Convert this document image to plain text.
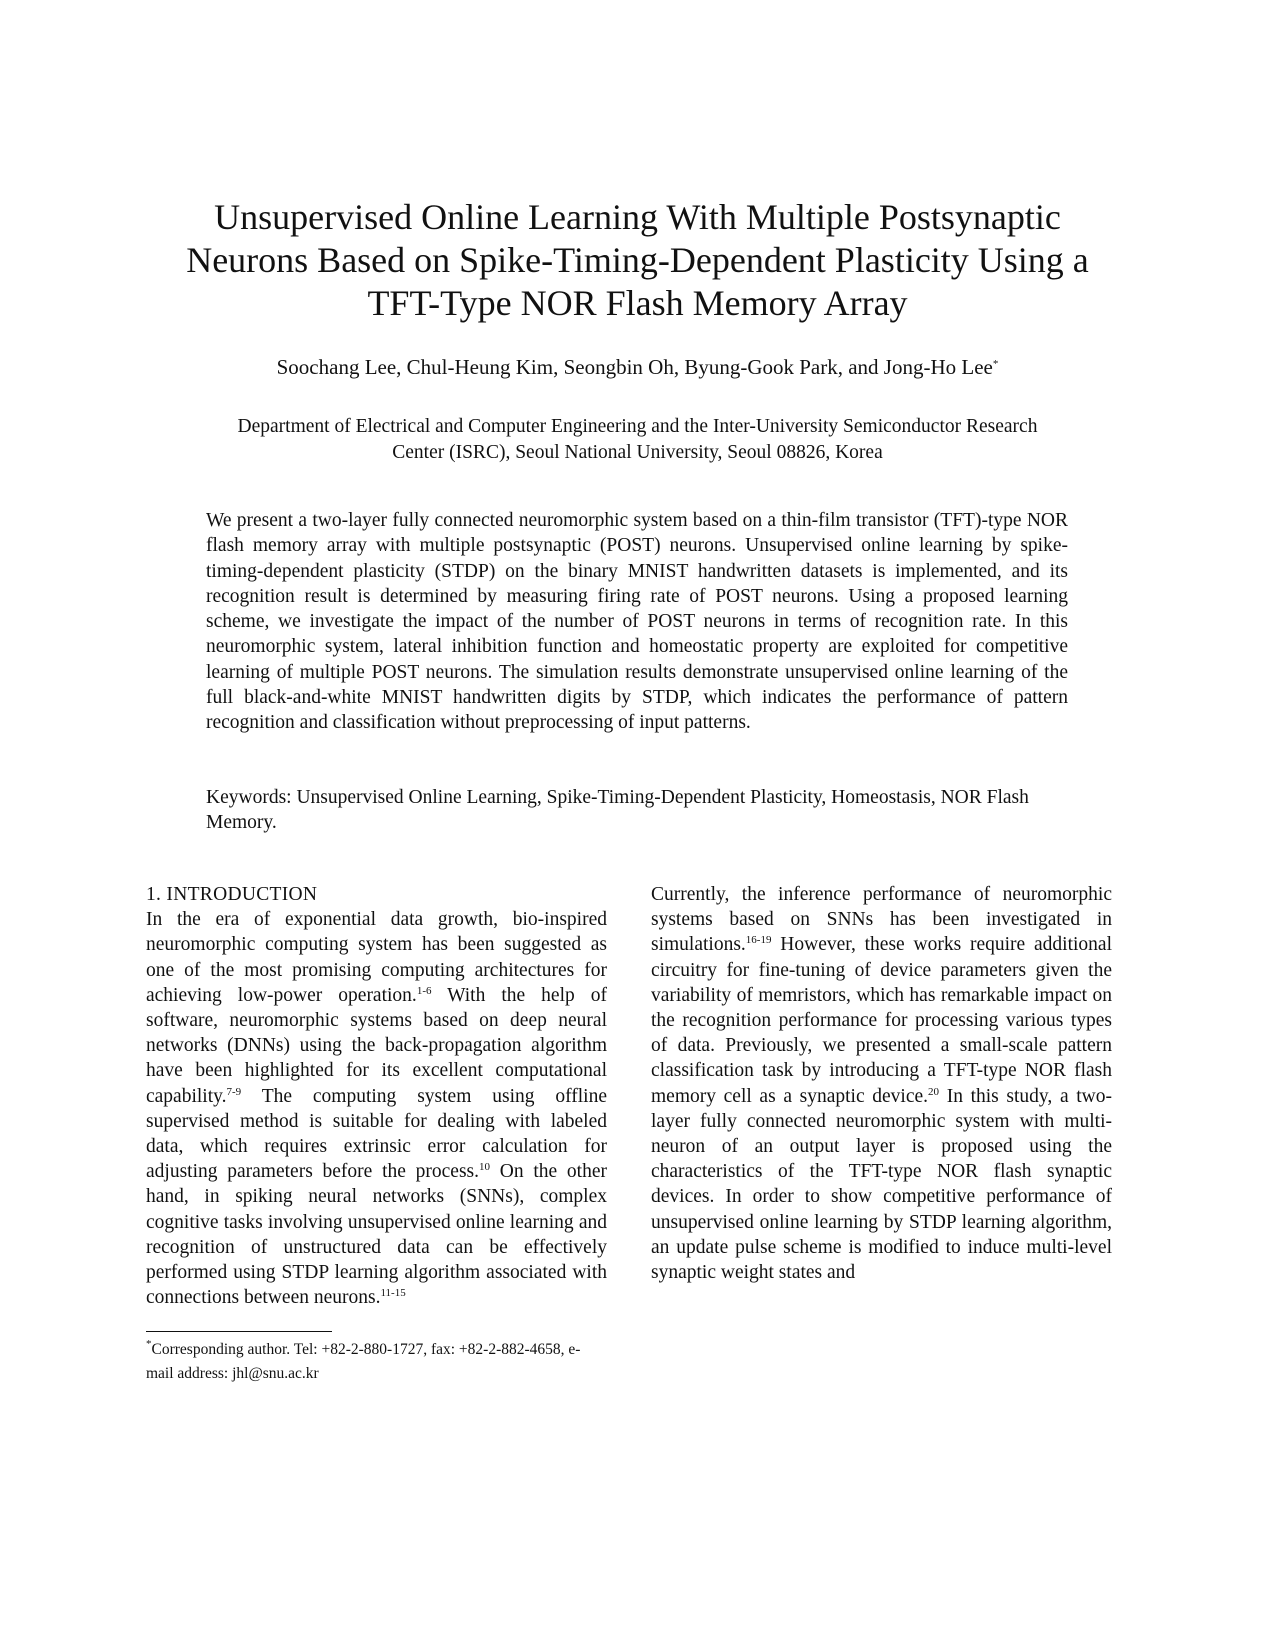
Unsupervised Online Learning With Multiple Postsynaptic
Neurons Based on Spike-Timing-Dependent Plasticity Using a
TFT-Type NOR Flash Memory Array
Soochang Lee, Chul-Heung Kim, Seongbin Oh, Byung-Gook Park, and Jong-Ho Lee*
Department of Electrical and Computer Engineering and the Inter-University Semiconductor Research
Center (ISRC), Seoul National University, Seoul 08826, Korea
We present a two-layer fully connected neuromorphic system based on a thin-film transistor (TFT)-type NOR flash memory array with multiple postsynaptic (POST) neurons. Unsupervised online learning by spike-timing-dependent plasticity (STDP) on the binary MNIST handwritten datasets is implemented, and its recognition result is determined by measuring firing rate of POST neurons. Using a proposed learning scheme, we investigate the impact of the number of POST neurons in terms of recognition rate. In this neuromorphic system, lateral inhibition function and homeostatic property are exploited for competitive learning of multiple POST neurons. The simulation results demonstrate unsupervised online learning of the full black-and-white MNIST handwritten digits by STDP, which indicates the performance of pattern recognition and classification without preprocessing of input patterns.
Keywords: Unsupervised Online Learning, Spike-Timing-Dependent Plasticity, Homeostasis, NOR Flash Memory.
1. INTRODUCTION
In the era of exponential data growth, bio-inspired neuromorphic computing system has been suggested as one of the most promising computing architectures for achieving low-power operation.$^{1-6}$ With the help of software, neuromorphic systems based on deep neural networks (DNNs) using the back-propagation algorithm have been highlighted for its excellent computational capability.$^{7-9}$ The computing system using offline supervised method is suitable for dealing with labeled data, which requires extrinsic error calculation for adjusting parameters before the process.$^{10}$ On the other hand, in spiking neural networks (SNNs), complex cognitive tasks involving unsupervised online learning and recognition of unstructured data can be effectively performed using STDP learning algorithm associated with connections between neurons.$^{11-15}$
Currently, the inference performance of neuromorphic systems based on SNNs has been investigated in simulations.$^{16-19}$ However, these works require additional circuitry for fine-tuning of device parameters given the variability of memristors, which has remarkable impact on the recognition performance for processing various types of data. Previously, we presented a small-scale pattern classification task by introducing a TFT-type NOR flash memory cell as a synaptic device.$^{20}$ In this study, a two-layer fully connected neuromorphic system with multi-neuron of an output layer is proposed using the characteristics of the TFT-type NOR flash synaptic devices. In order to show competitive performance of unsupervised online learning by STDP learning algorithm, an update pulse scheme is modified to induce multi-level synaptic weight states and
*Corresponding author. Tel: +82-2-880-1727, fax: +82-2-882-4658, e-mail address: jhl@snu.ac.kr
